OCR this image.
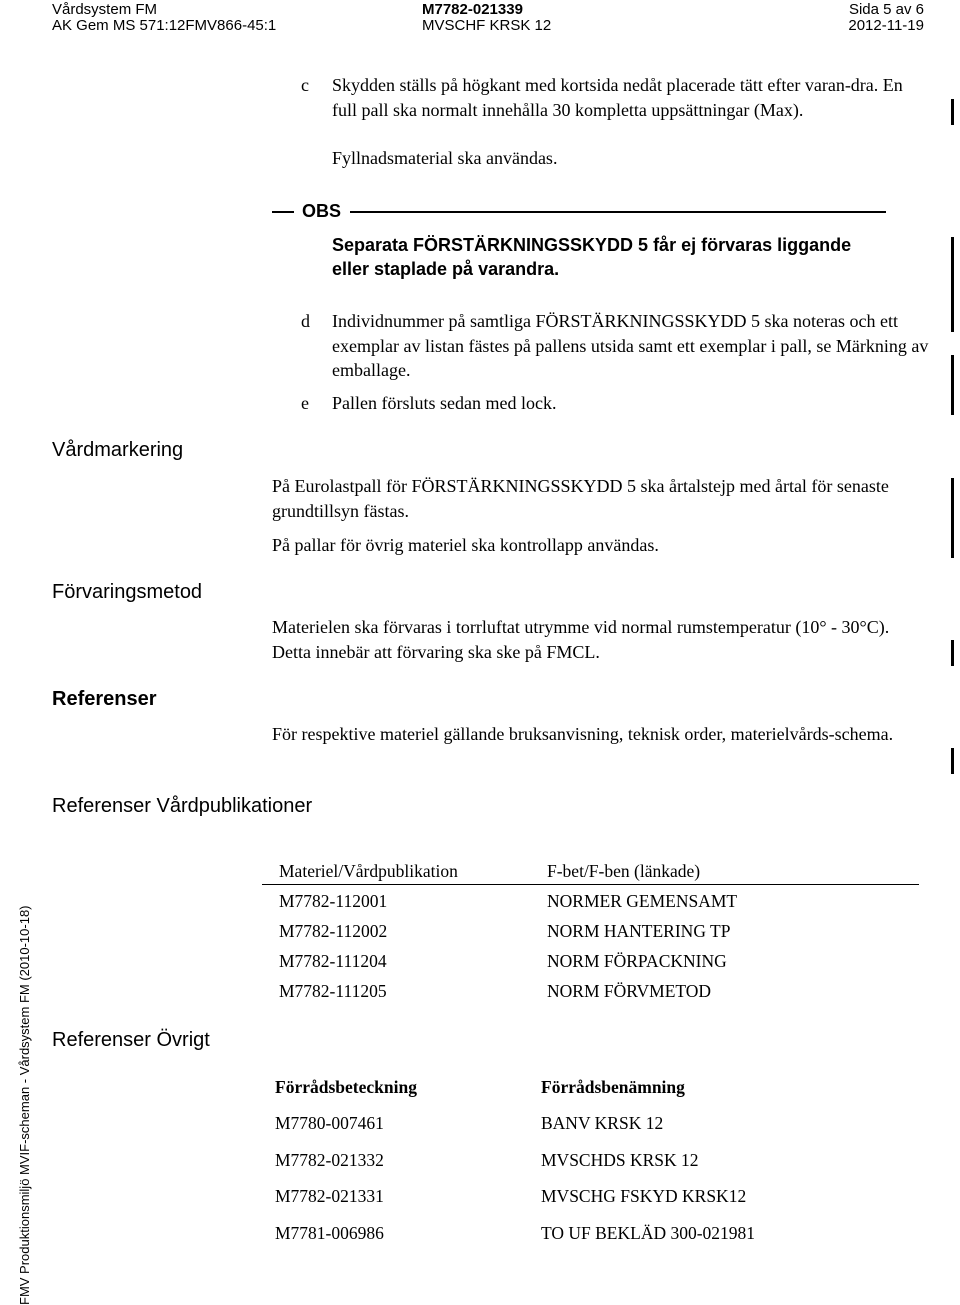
Vårdsystem FM
AK Gem MS 571:12FMV866-45:1
M7782-021339
MVSCHF KRSK 12
Sida 5 av 6
2012-11-19
c Skydden ställs på högkant med kortsida nedåt placerade tätt efter varan-dra. En full pall ska normalt innehålla 30 kompletta uppsättningar (Max).
Fyllnadsmaterial ska användas.
OBS
Separata FÖRSTÄRKNINGSSKYDD 5 får ej förvaras liggande eller staplade på varandra.
d Individnummer på samtliga FÖRSTÄRKNINGSSKYDD 5 ska noteras och ett exemplar av listan fästes på pallens utsida samt ett exemplar i pall, se Märkning av emballage.
e Pallen försluts sedan med lock.
Vårdmarkering
På Eurolastpall för FÖRSTÄRKNINGSSKYDD 5 ska årtalstejp med årtal för senaste grundtillsyn fästas.
På pallar för övrig materiel ska kontrollapp användas.
Förvaringsmetod
Materielen ska förvaras i torrluftat utrymme vid normal rumstemperatur (10° - 30°C). Detta innebär att förvaring ska ske på FMCL.
Referenser
För respektive materiel gällande bruksanvisning, teknisk order, materielvårds-schema.
Referenser Vårdpublikationer
Materiel/Vårdpublikation	F-bet/F-ben (länkade)
M7782-112001	NORMER GEMENSAMT
M7782-112002	NORM HANTERING TP
M7782-111204	NORM FÖRPACKNING
M7782-111205	NORM FÖRVMETOD
Referenser Övrigt
Förrådsbeteckning	Förrådsbenämning
M7780-007461	BANV KRSK 12
M7782-021332	MVSCHDS KRSK 12
M7782-021331	MVSCHG FSKYD KRSK12
M7781-006986	TO UF BEKLÄD 300-021981
FMV Produktionsmiljö MVIF-scheman - Vårdsystem FM (2010-10-18)
